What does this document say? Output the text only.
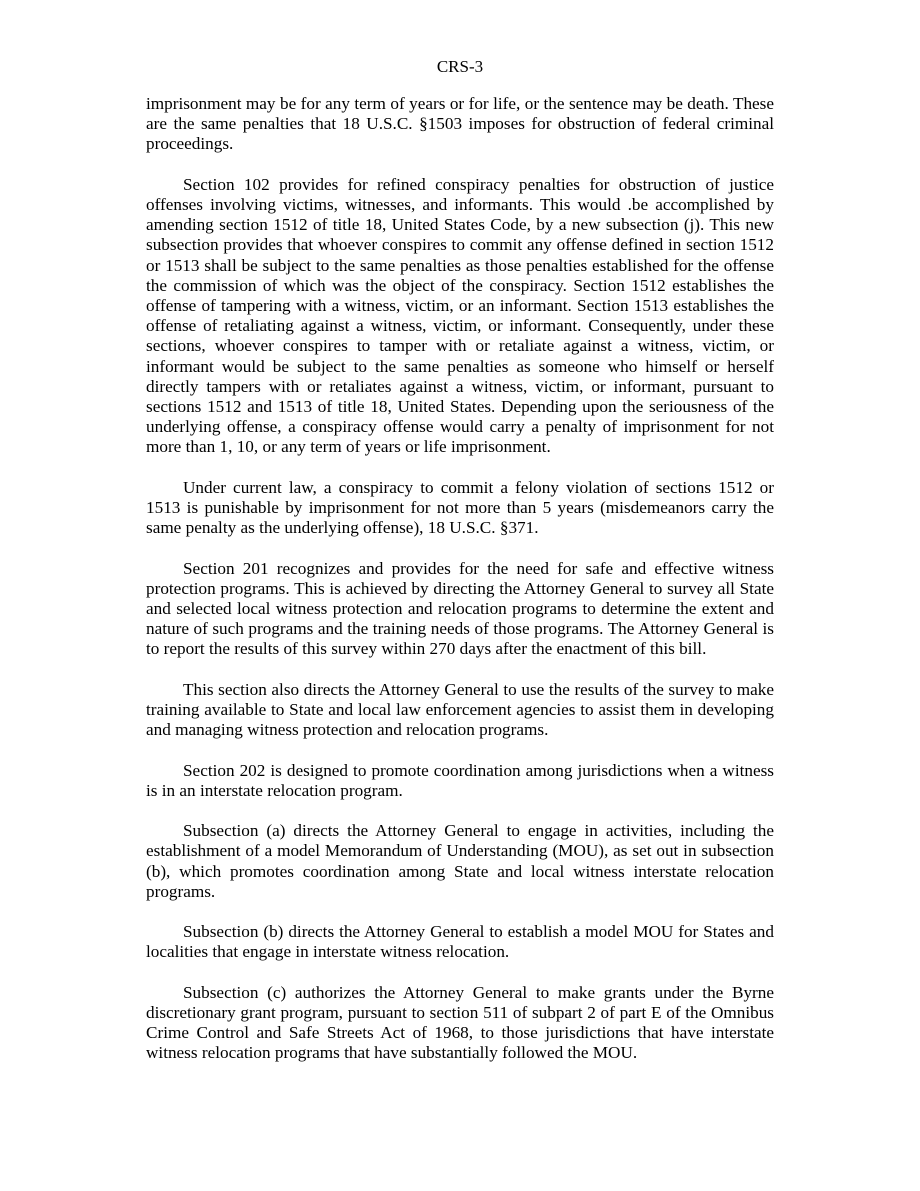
CRS-3

imprisonment may be for any term of years or for life, or the sentence may be death. These are the same penalties that 18 U.S.C. §1503 imposes for obstruction of federal criminal proceedings.

Section 102 provides for refined conspiracy penalties for obstruction of justice offenses involving victims, witnesses, and informants. This would .be accomplished by amending section 1512 of title 18, United States Code, by a new subsection (j). This new subsection provides that whoever conspires to commit any offense defined in section 1512 or 1513 shall be subject to the same penalties as those penalties established for the offense the commission of which was the object of the conspiracy. Section 1512 establishes the offense of tampering with a witness, victim, or an informant. Section 1513 establishes the offense of retaliating against a witness, victim, or informant. Consequently, under these sections, whoever conspires to tamper with or retaliate against a witness, victim, or informant would be subject to the same penalties as someone who himself or herself directly tampers with or retaliates against a witness, victim, or informant, pursuant to sections 1512 and 1513 of title 18, United States. Depending upon the seriousness of the underlying offense, a conspiracy offense would carry a penalty of imprisonment for not more than 1, 10, or any term of years or life imprisonment.

Under current law, a conspiracy to commit a felony violation of sections 1512 or 1513 is punishable by imprisonment for not more than 5 years (misdemeanors carry the same penalty as the underlying offense), 18 U.S.C. §371.

Section 201 recognizes and provides for the need for safe and effective witness protection programs. This is achieved by directing the Attorney General to survey all State and selected local witness protection and relocation programs to determine the extent and nature of such programs and the training needs of those programs. The Attorney General is to report the results of this survey within 270 days after the enactment of this bill.

This section also directs the Attorney General to use the results of the survey to make training available to State and local law enforcement agencies to assist them in developing and managing witness protection and relocation programs.

Section 202 is designed to promote coordination among jurisdictions when a witness is in an interstate relocation program.

Subsection (a) directs the Attorney General to engage in activities, including the establishment of a model Memorandum of Understanding (MOU), as set out in subsection (b), which promotes coordination among State and local witness interstate relocation programs.

Subsection (b) directs the Attorney General to establish a model MOU for States and localities that engage in interstate witness relocation.

Subsection (c) authorizes the Attorney General to make grants under the Byrne discretionary grant program, pursuant to section 511 of subpart 2 of part E of the Omnibus Crime Control and Safe Streets Act of 1968, to those jurisdictions that have interstate witness relocation programs that have substantially followed the MOU.
